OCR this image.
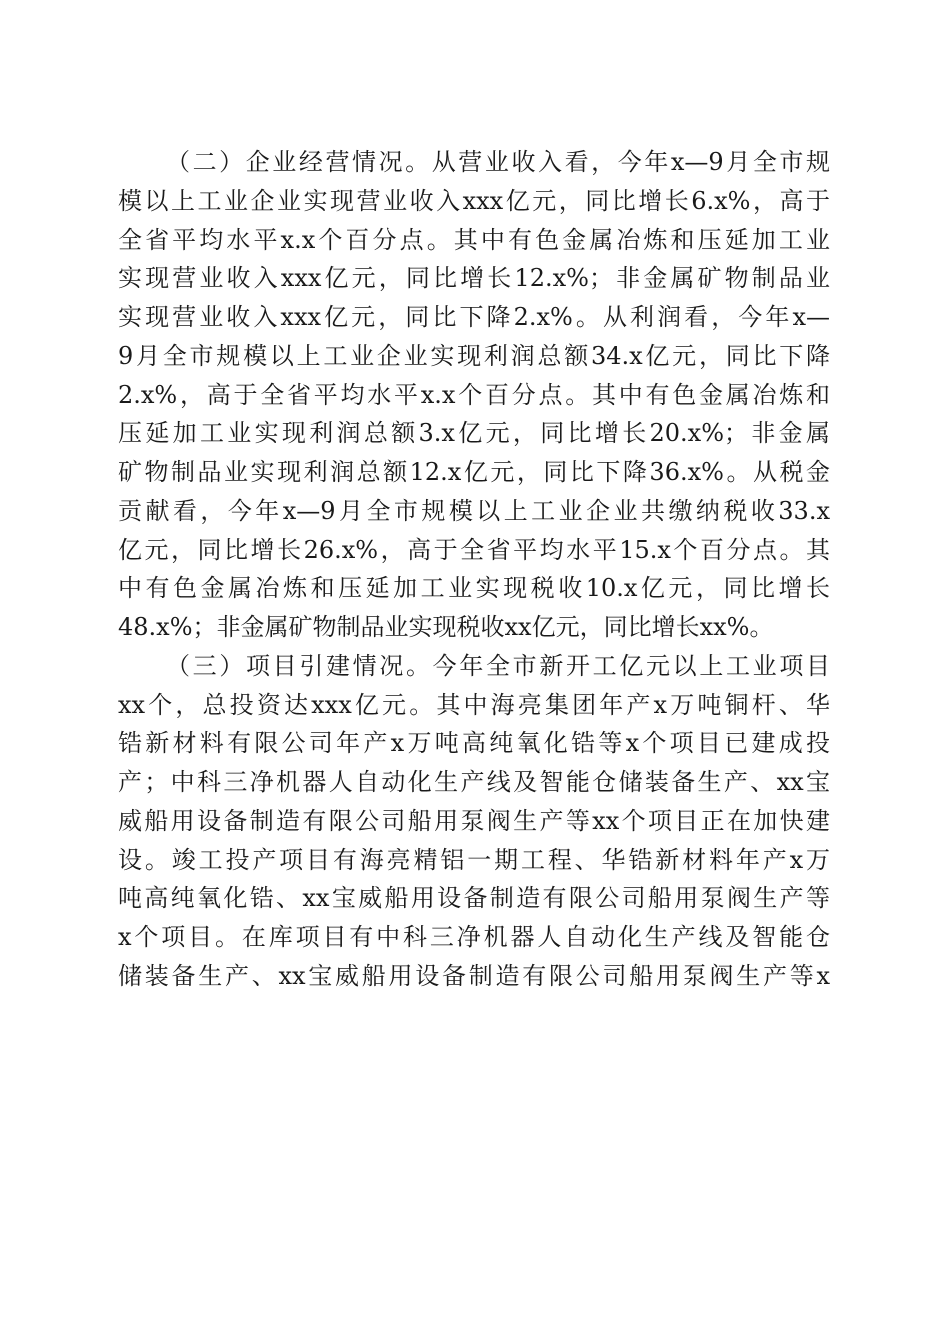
（二）企业经营情况。从营业收入看，今年x—9月全市规
模以上工业企业实现营业收入xxx亿元，同比增长6.x%，高于
全省平均水平x.x个百分点。其中有色金属冶炼和压延加工业
实现营业收入xxx亿元，同比增长12.x%；非金属矿物制品业
实现营业收入xxx亿元，同比下降2.x%。从利润看，今年x—
9月全市规模以上工业企业实现利润总额34.x亿元，同比下降
2.x%，高于全省平均水平x.x个百分点。其中有色金属冶炼和
压延加工业实现利润总额3.x亿元，同比增长20.x%；非金属
矿物制品业实现利润总额12.x亿元，同比下降36.x%。从税金
贡献看，今年x—9月全市规模以上工业企业共缴纳税收33.x
亿元，同比增长26.x%，高于全省平均水平15.x个百分点。其
中有色金属冶炼和压延加工业实现税收10.x亿元，同比增长
48.x%；非金属矿物制品业实现税收xx亿元，同比增长xx%。
（三）项目引建情况。今年全市新开工亿元以上工业项目
xx个，总投资达xxx亿元。其中海亮集团年产x万吨铜杆、华
锆新材料有限公司年产x万吨高纯氧化锆等x个项目已建成投
产；中科三净机器人自动化生产线及智能仓储装备生产、xx宝
威船用设备制造有限公司船用泵阀生产等xx个项目正在加快建
设。竣工投产项目有海亮精铝一期工程、华锆新材料年产x万
吨高纯氧化锆、xx宝威船用设备制造有限公司船用泵阀生产等
x个项目。在库项目有中科三净机器人自动化生产线及智能仓
储装备生产、xx宝威船用设备制造有限公司船用泵阀生产等x
